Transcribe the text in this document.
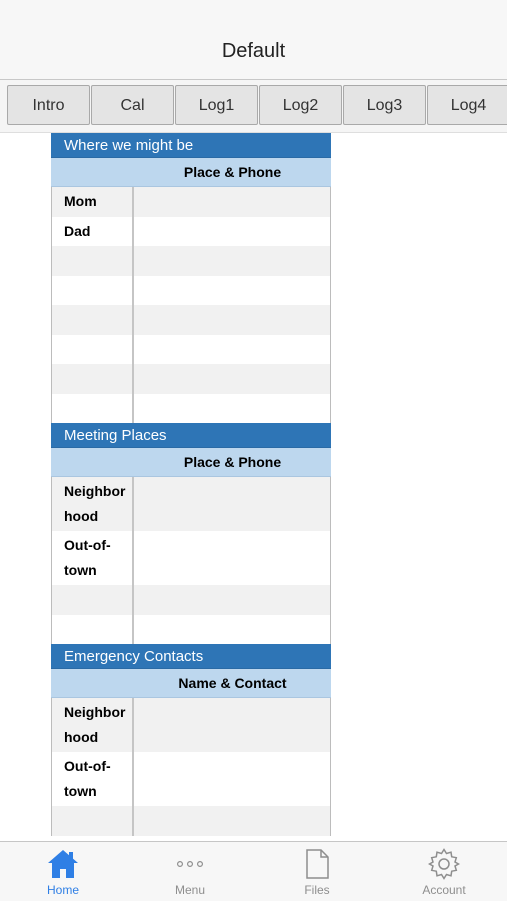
Default
Intro	Cal	Log1	Log2	Log3	Log4
Where we might be
Place & Phone
Mom
Dad
Meeting Places
Place & Phone
Neighbor hood
Out-of- town
Emergency Contacts
Name & Contact
Neighbor hood
Out-of- town
Home	Menu	Files	Account
